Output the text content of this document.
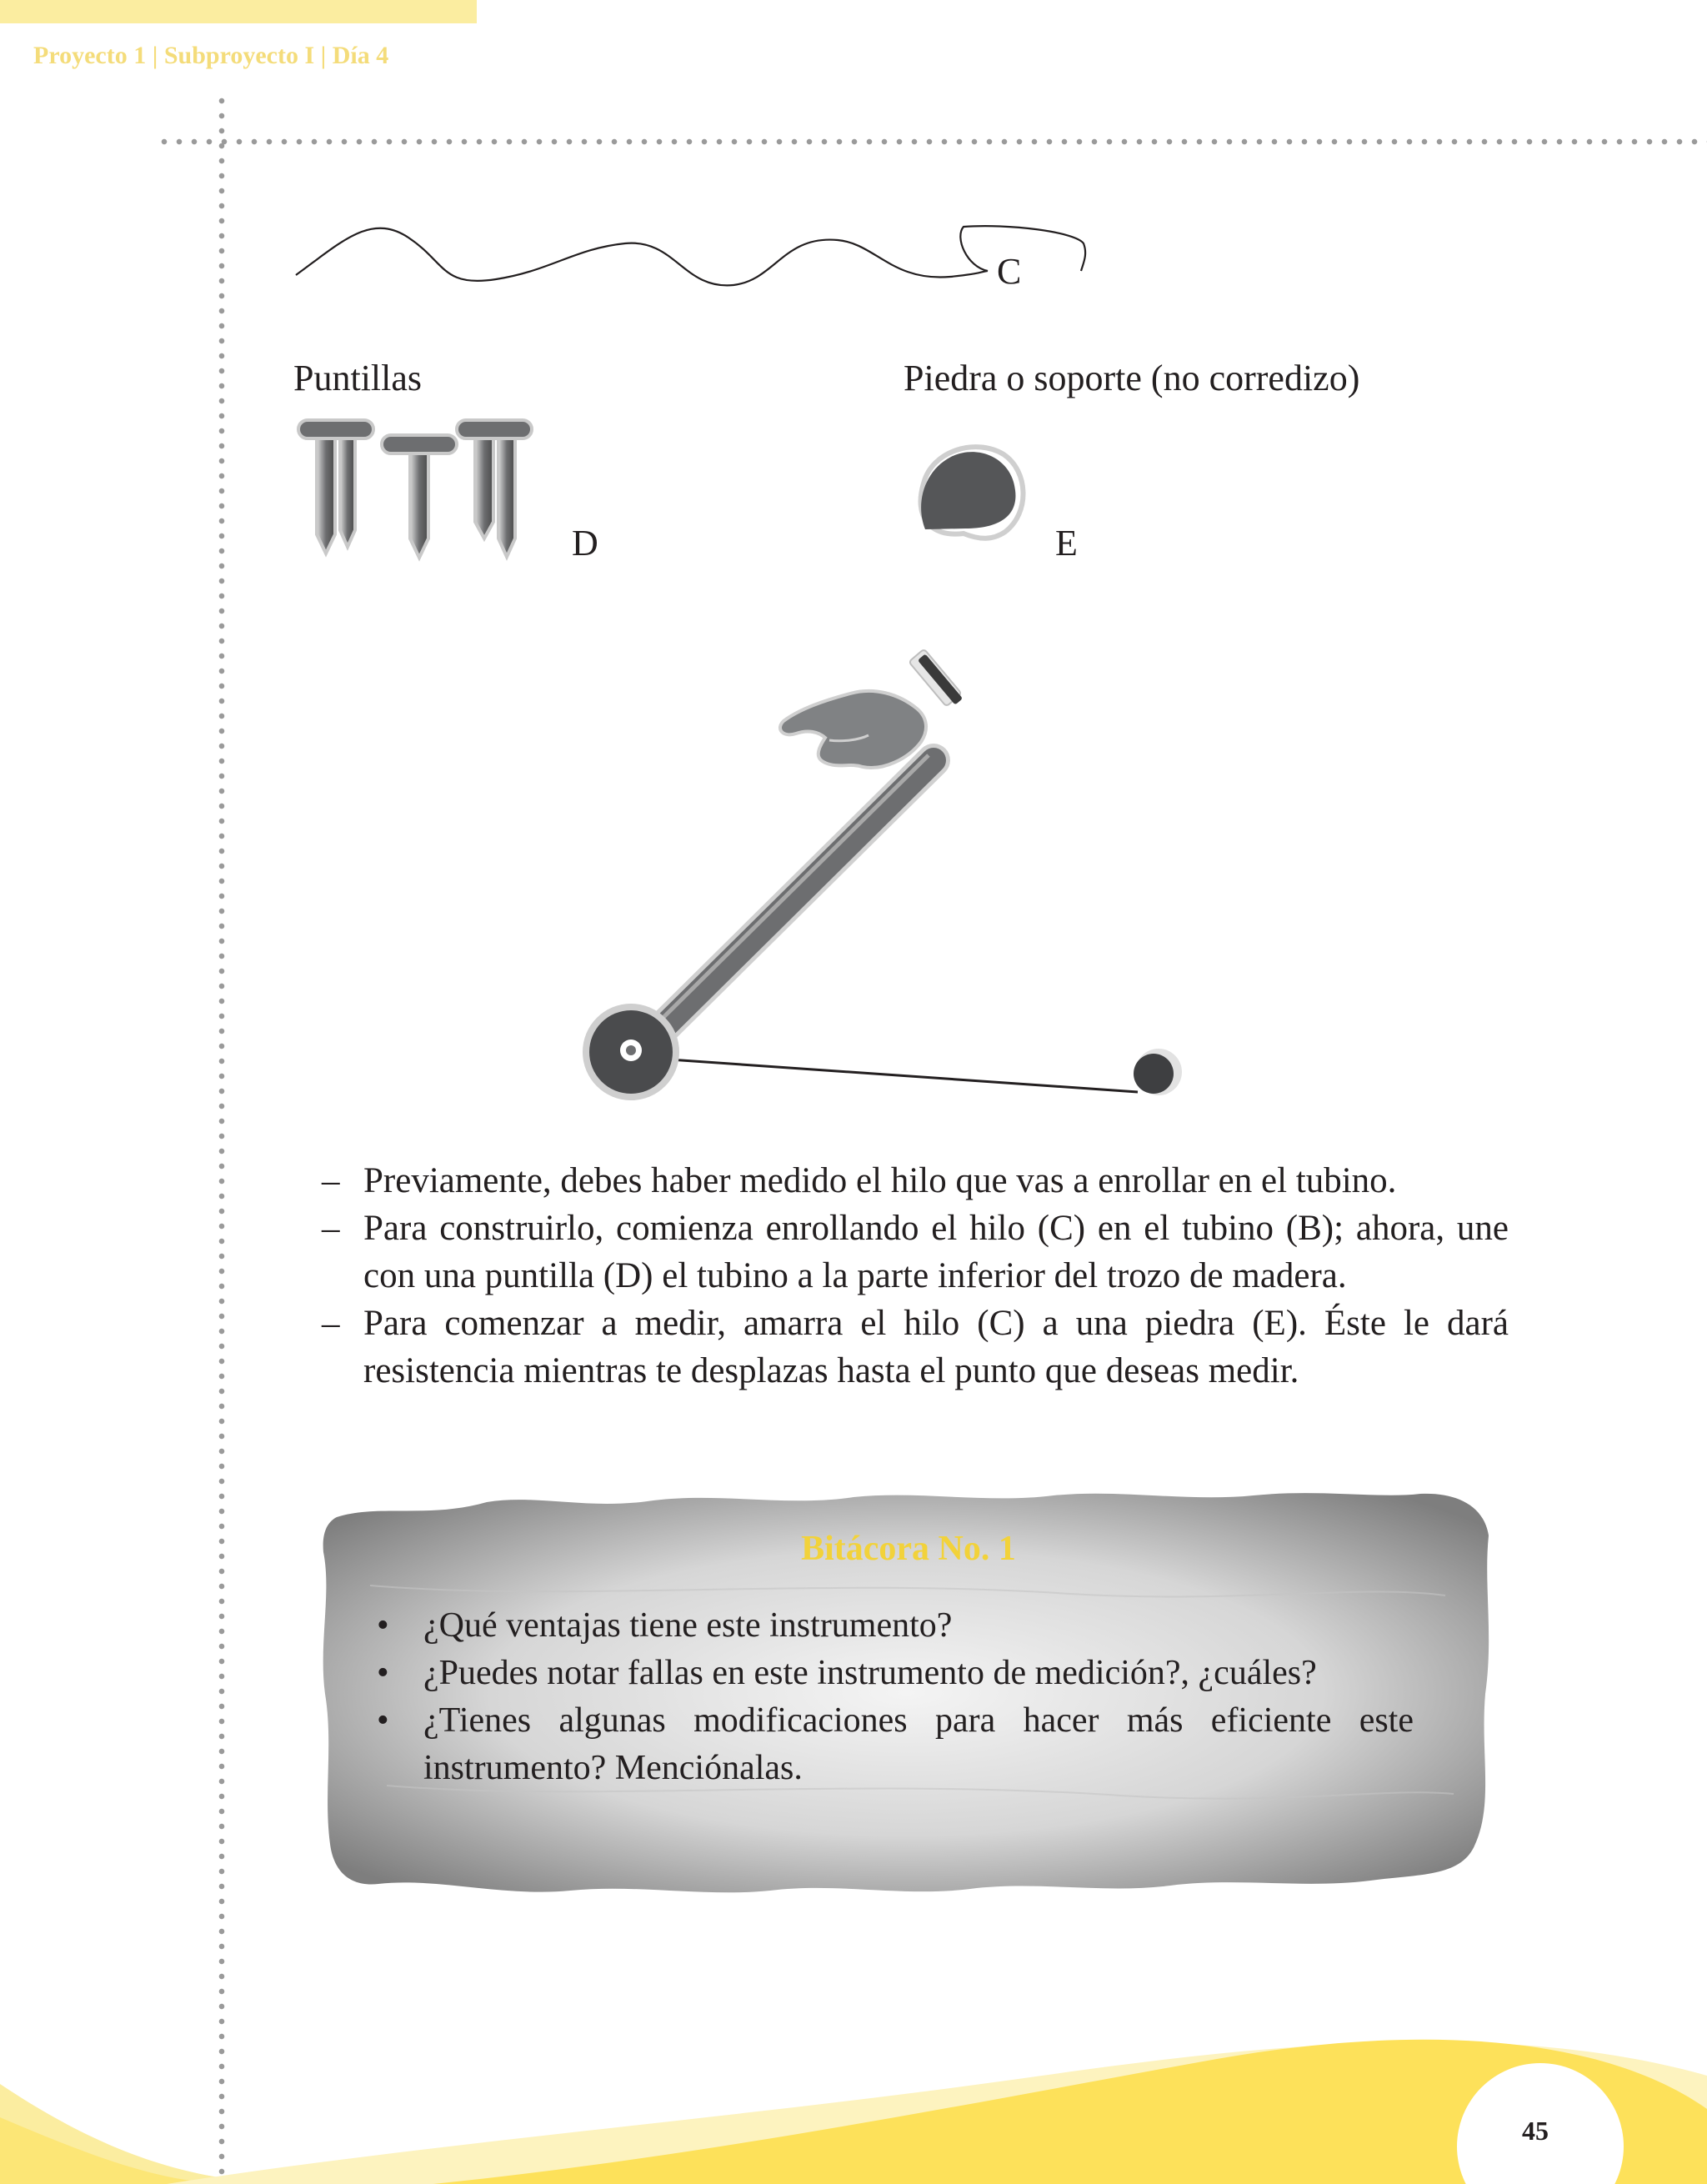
Proyecto 1 | Subproyecto I | Día 4
C
Puntillas	Piedra o soporte (no corredizo)
D	E
– Previamente, debes haber medido el hilo que vas a enrollar en el tubino.
– Para construirlo, comienza enrollando el hilo (C) en el tubino (B); ahora, une con una puntilla (D) el tubino a la parte inferior del trozo de madera.
– Para comenzar a medir, amarra el hilo (C) a una piedra (E). Éste le dará resistencia mientras te desplazas hasta el punto que deseas medir.
Bitácora No. 1
• ¿Qué ventajas tiene este instrumento?
• ¿Puedes notar fallas en este instrumento de medición?, ¿cuáles?
• ¿Tienes algunas modificaciones para hacer más eficiente este instrumento? Menciónalas.
45
